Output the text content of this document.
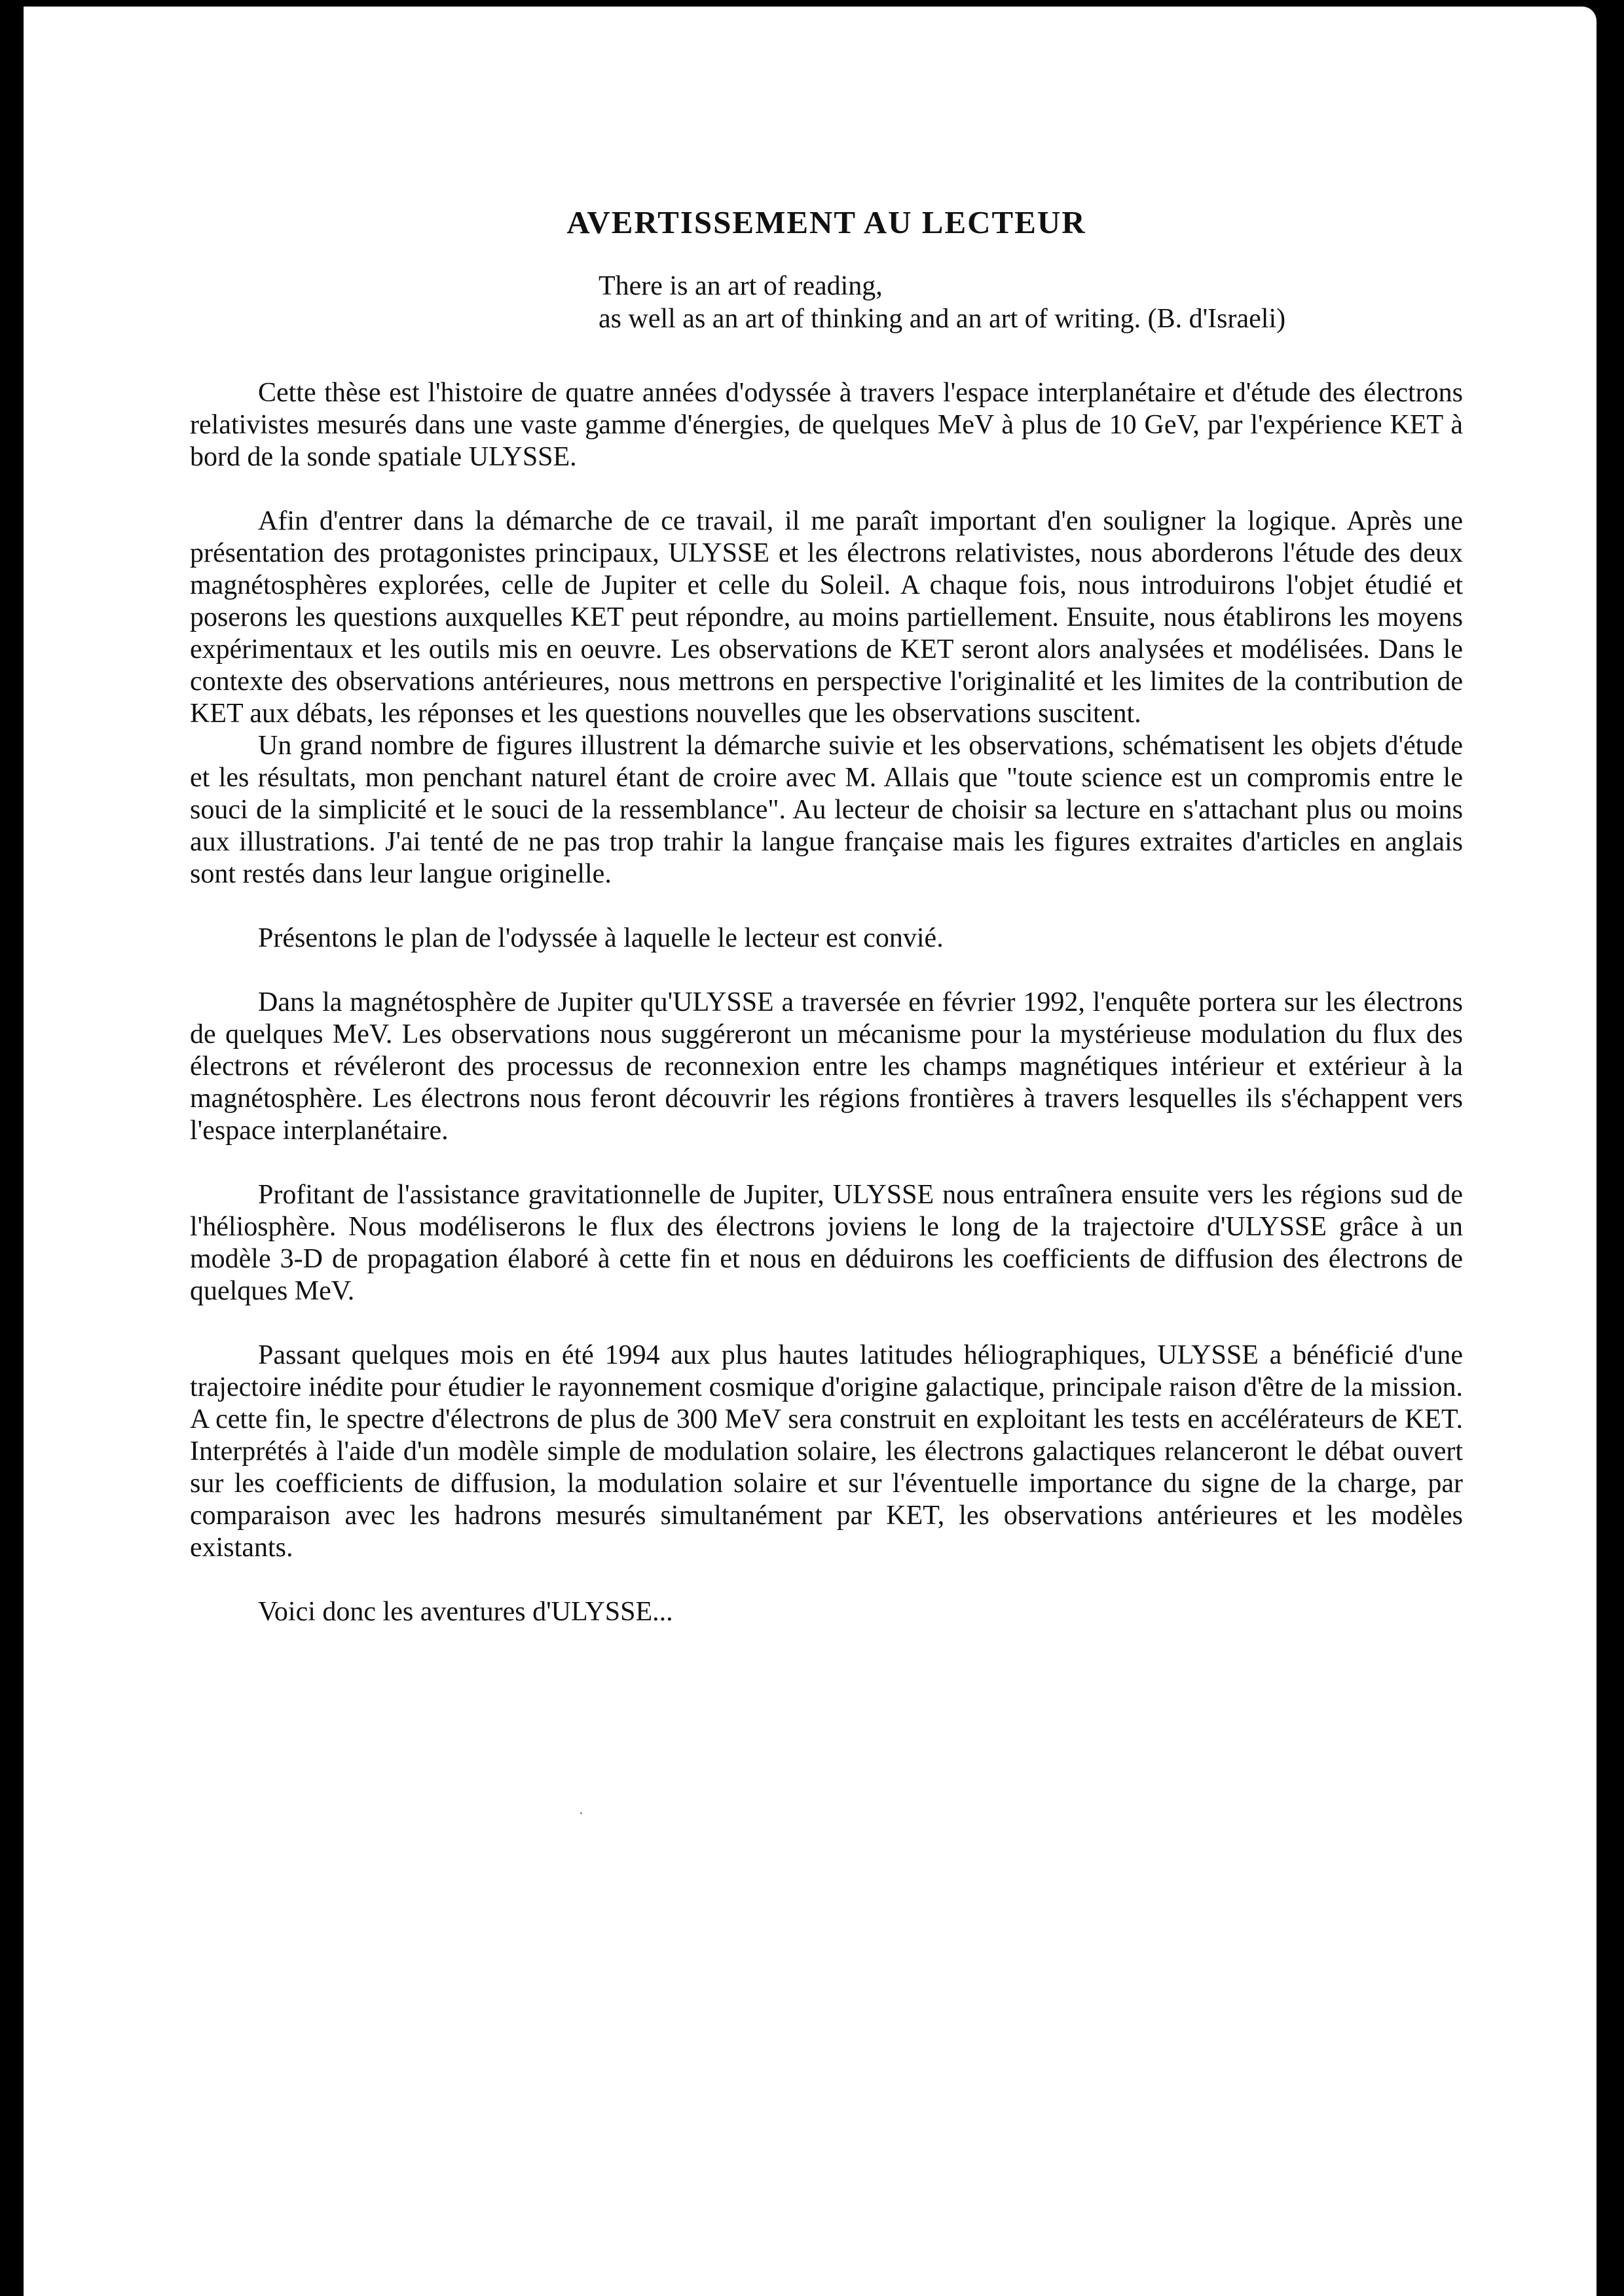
AVERTISSEMENT AU LECTEUR
There is an art of reading,
as well as an art of thinking and an art of writing. (B. d'Israeli)

Cette thèse est l'histoire de quatre années d'odyssée à travers l'espace interplanétaire et d'étude des électrons relativistes mesurés dans une vaste gamme d'énergies, de quelques MeV à plus de 10 GeV, par l'expérience KET à bord de la sonde spatiale ULYSSE.

Afin d'entrer dans la démarche de ce travail, il me paraît important d'en souligner la logique. Après une présentation des protagonistes principaux, ULYSSE et les électrons relativistes, nous aborderons l'étude des deux magnétosphères explorées, celle de Jupiter et celle du Soleil. A chaque fois, nous introduirons l'objet étudié et poserons les questions auxquelles KET peut répondre, au moins partiellement. Ensuite, nous établirons les moyens expérimentaux et les outils mis en oeuvre. Les observations de KET seront alors analysées et modélisées. Dans le contexte des observations antérieures, nous mettrons en perspective l'originalité et les limites de la contribution de KET aux débats, les réponses et les questions nouvelles que les observations suscitent.

Un grand nombre de figures illustrent la démarche suivie et les observations, schématisent les objets d'étude et les résultats, mon penchant naturel étant de croire avec M. Allais que "toute science est un compromis entre le souci de la simplicité et le souci de la ressemblance". Au lecteur de choisir sa lecture en s'attachant plus ou moins aux illustrations. J'ai tenté de ne pas trop trahir la langue française mais les figures extraites d'articles en anglais sont restés dans leur langue originelle.

Présentons le plan de l'odyssée à laquelle le lecteur est convié.

Dans la magnétosphère de Jupiter qu'ULYSSE a traversée en février 1992, l'enquête portera sur les électrons de quelques MeV. Les observations nous suggéreront un mécanisme pour la mystérieuse modulation du flux des électrons et révéleront des processus de reconnexion entre les champs magnétiques intérieur et extérieur à la magnétosphère. Les électrons nous feront découvrir les régions frontières à travers lesquelles ils s'échappent vers l'espace interplanétaire.

Profitant de l'assistance gravitationnelle de Jupiter, ULYSSE nous entraînera ensuite vers les régions sud de l'héliosphère. Nous modéliserons le flux des électrons joviens le long de la trajectoire d'ULYSSE grâce à un modèle 3-D de propagation élaboré à cette fin et nous en déduirons les coefficients de diffusion des électrons de quelques MeV.

Passant quelques mois en été 1994 aux plus hautes latitudes héliographiques, ULYSSE a bénéficié d'une trajectoire inédite pour étudier le rayonnement cosmique d'origine galactique, principale raison d'être de la mission. A cette fin, le spectre d'électrons de plus de 300 MeV sera construit en exploitant les tests en accélérateurs de KET. Interprétés à l'aide d'un modèle simple de modulation solaire, les électrons galactiques relanceront le débat ouvert sur les coefficients de diffusion, la modulation solaire et sur l'éventuelle importance du signe de la charge, par comparaison avec les hadrons mesurés simultanément par KET, les observations antérieures et les modèles existants.

Voici donc les aventures d'ULYSSE...
